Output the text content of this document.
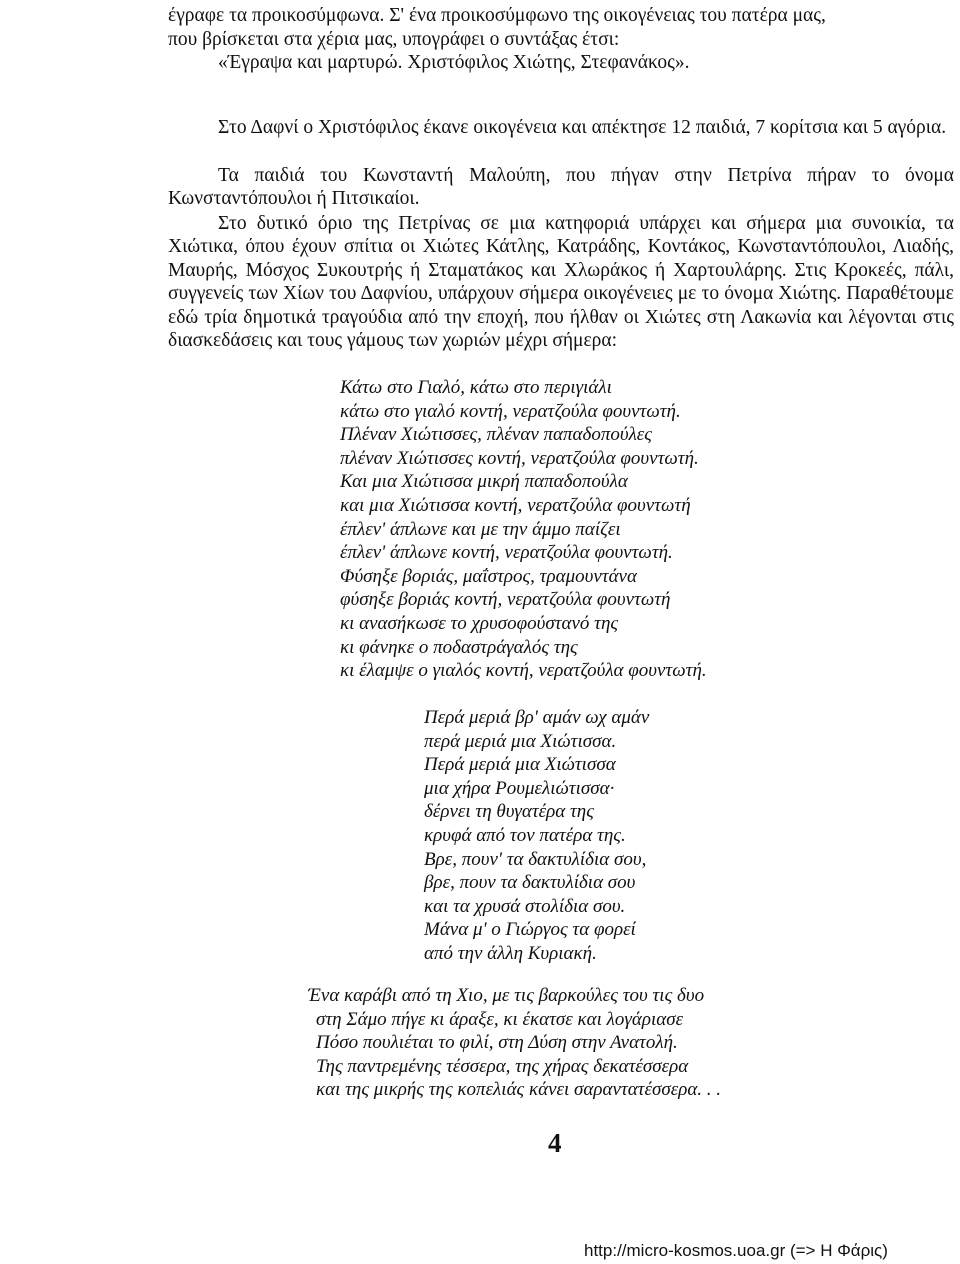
έγραφε τα προικοσύμφωνα. Σ' ένα προικοσύμφωνο της οικογένειας του πατέρα μας,

που βρίσκεται στα χέρια μας, υπογράφει ο συντάξας έτσι:

«Έγραψα και μαρτυρώ. Χριστόφιλος Χιώτης, Στεφανάκος».

Στο Δαφνί ο Χριστόφιλος έκανε οικογένεια και απέκτησε 12 παιδιά, 7 κορίτσια και 5 αγόρια.

Τα παιδιά του Κωνσταντή Μαλούπη, που πήγαν στην Πετρίνα πήραν το όνομα Κωνσταντόπουλοι ή Πιτσικαίοι.

Στο δυτικό όριο της Πετρίνας σε μια κατηφοριά υπάρχει και σήμερα μια συνοικία, τα Χιώτικα, όπου έχουν σπίτια οι Χιώτες Κάτλης, Κατράδης, Κοντάκος, Κωνσταντόπουλοι, Λιαδής, Μαυρής, Μόσχος Συκουτρής ή Σταματάκος και Χλωράκος ή Χαρτουλάρης. Στις Κροκεές, πάλι, συγγενείς των Χίων του Δαφνίου, υπάρχουν σήμερα οικογένειες με το όνομα Χιώτης. Παραθέτουμε εδώ τρία δημοτικά τραγούδια από την εποχή, που ήλθαν οι Χιώτες στη Λακωνία και λέγονται στις διασκεδάσεις και τους γάμους των χωριών μέχρι σήμερα:

Κάτω στο Γιαλό, κάτω στο περιγιάλι
κάτω στο γιαλό κοντή, νερατζούλα φουντωτή.
Πλέναν Χιώτισσες, πλέναν παπαδοπούλες
πλέναν Χιώτισσες κοντή, νερατζούλα φουντωτή.
Και μια Χιώτισσα μικρή παπαδοπούλα
και μια Χιώτισσα κοντή, νερατζούλα φουντωτή
έπλεν' άπλωνε και με την άμμο παίζει
έπλεν' άπλωνε κοντή, νερατζούλα φουντωτή.
Φύσηξε βοριάς, μαΐστρος, τραμουντάνα
φύσηξε βοριάς κοντή, νερατζούλα φουντωτή
κι ανασήκωσε το χρυσοφούστανό της
κι φάνηκε ο ποδαστράγαλός της
κι έλαμψε ο γιαλός κοντή, νερατζούλα φουντωτή.
Περά μεριά βρ' αμάν ωχ αμάν
περά μεριά μια Χιώτισσα.
Περά μεριά μια Χιώτισσα
μια χήρα Ρουμελιώτισσα·
δέρνει τη θυγατέρα της
κρυφά από τον πατέρα της.
Βρε, πουν' τα δακτυλίδια σου,
βρε, πουν τα δακτυλίδια σου
και τα χρυσά στολίδια σου.
Μάνα μ' ο Γιώργος τα φορεί
από την άλλη Κυριακή.
Ένα καράβι από τη Χιο, με τις βαρκούλες του τις δυο
στη Σάμο πήγε κι άραξε, κι έκατσε και λογάριασε
Πόσο πουλιέται το φιλί, στη Δύση στην Ανατολή.
Της παντρεμένης τέσσερα, της χήρας δεκατέσσερα
και της μικρής της κοπελιάς κάνει σαραντατέσσερα. . .
4
http://micro-kosmos.uoa.gr (=> Η Φάρις)
